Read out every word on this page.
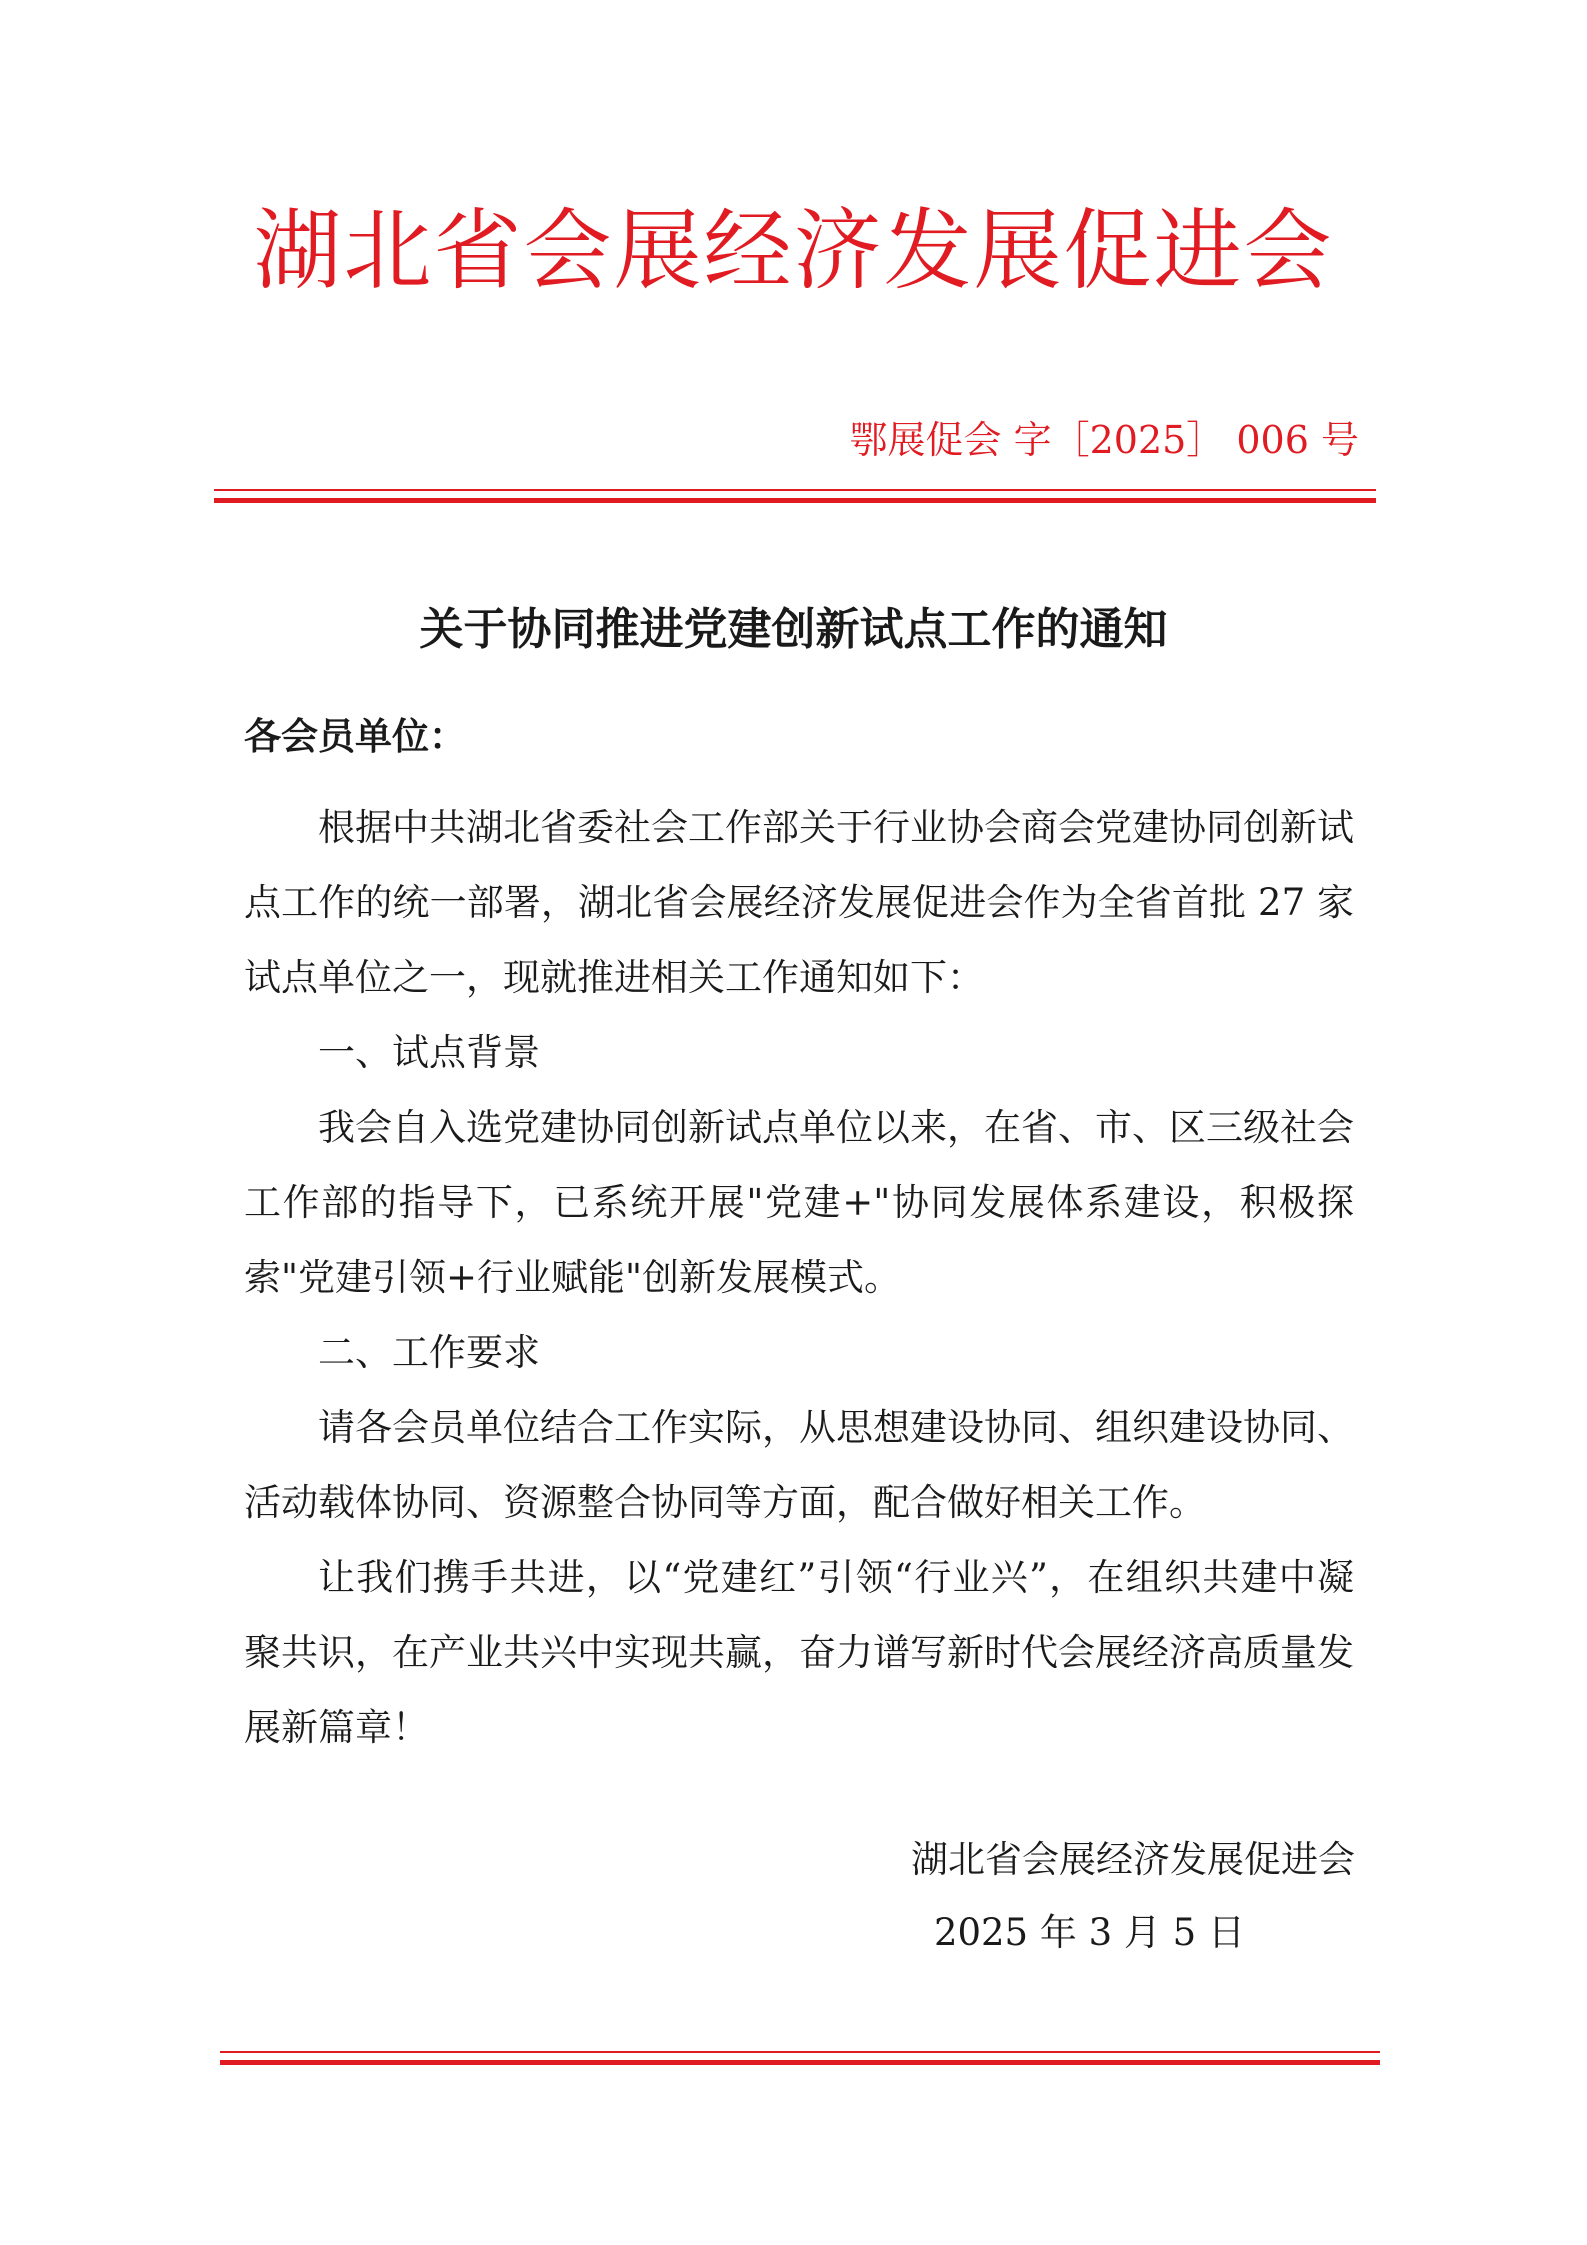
湖北省会展经济发展促进会
鄂展促会 字［2025］ 006 号
关于协同推进党建创新试点工作的通知
各会员单位：
根据中共湖北省委社会工作部关于行业协会商会党建协同创新试点工作的统一部署，湖北省会展经济发展促进会作为全省首批 27 家试点单位之一，现就推进相关工作通知如下：
一、试点背景
我会自入选党建协同创新试点单位以来，在省、市、区三级社会工作部的指导下，已系统开展"党建+"协同发展体系建设，积极探索"党建引领+行业赋能"创新发展模式。
二、工作要求
请各会员单位结合工作实际，从思想建设协同、组织建设协同、活动载体协同、资源整合协同等方面，配合做好相关工作。
让我们携手共进，以“党建红”引领“行业兴”，在组织共建中凝聚共识，在产业共兴中实现共赢，奋力谱写新时代会展经济高质量发展新篇章！
湖北省会展经济发展促进会
2025 年 3 月 5 日
